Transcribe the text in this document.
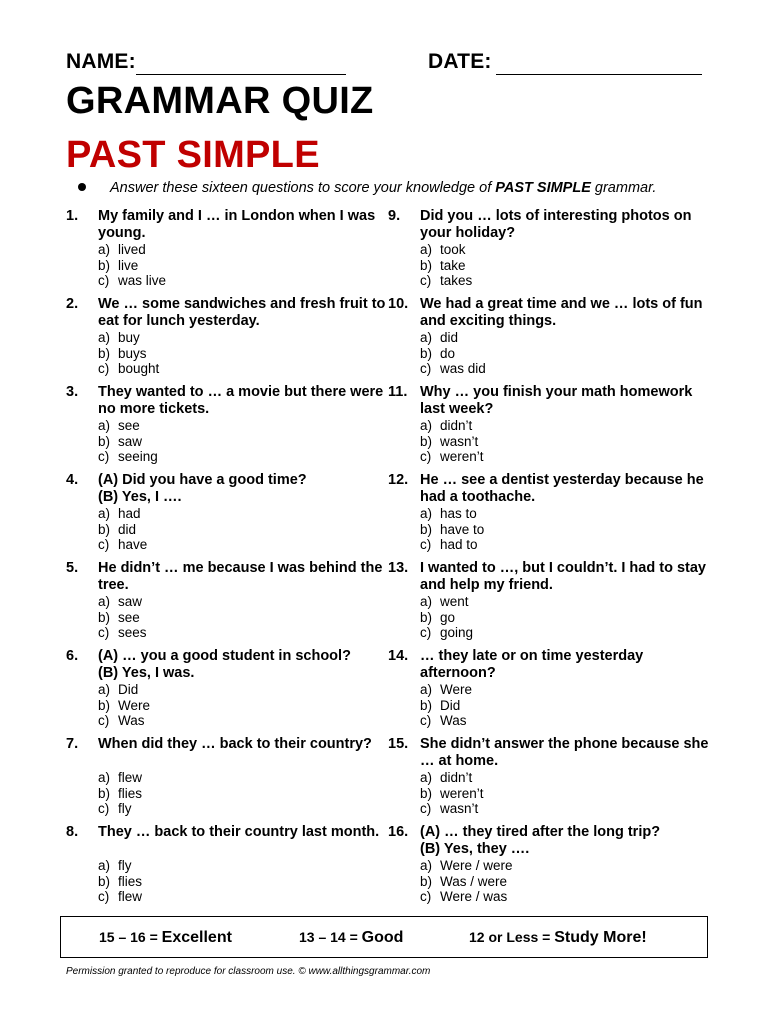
NAME:	DATE:
GRAMMAR QUIZ
PAST SIMPLE
Answer these sixteen questions to score your knowledge of PAST SIMPLE grammar.
1.	My family and I … in London when I was young.
a) lived
b) live
c) was live
2.	We … some sandwiches and fresh fruit to eat for lunch yesterday.
a) buy
b) buys
c) bought
3.	They wanted to … a movie but there were no more tickets.
a) see
b) saw
c) seeing
4.	(A) Did you have a good time?
(B) Yes, I ….
a) had
b) did
c) have
5.	He didn’t … me because I was behind the tree.
a) saw
b) see
c) sees
6.	(A) … you a good student in school?
(B) Yes, I was.
a) Did
b) Were
c) Was
7.	When did they … back to their country?
a) flew
b) flies
c) fly
8.	They … back to their country last month.
a) fly
b) flies
c) flew
9.	Did you … lots of interesting photos on your holiday?
a) took
b) take
c) takes
10. We had a great time and we … lots of fun and exciting things.
a) did
b) do
c) was did
11. Why … you finish your math homework last week?
a) didn’t
b) wasn’t
c) weren’t
12. He … see a dentist yesterday because he had a toothache.
a) has to
b) have to
c) had to
13. I wanted to …, but I couldn’t. I had to stay and help my friend.
a) went
b) go
c) going
14. … they late or on time yesterday afternoon?
a) Were
b) Did
c) Was
15. She didn’t answer the phone because she … at home.
a) didn’t
b) weren’t
c) wasn’t
16. (A) … they tired after the long trip?
(B) Yes, they ….
a) Were / were
b) Was / were
c) Were / was
15 – 16 = Excellent	13 – 14 = Good	12 or Less = Study More!
Permission granted to reproduce for classroom use. © www.allthingsgrammar.com
